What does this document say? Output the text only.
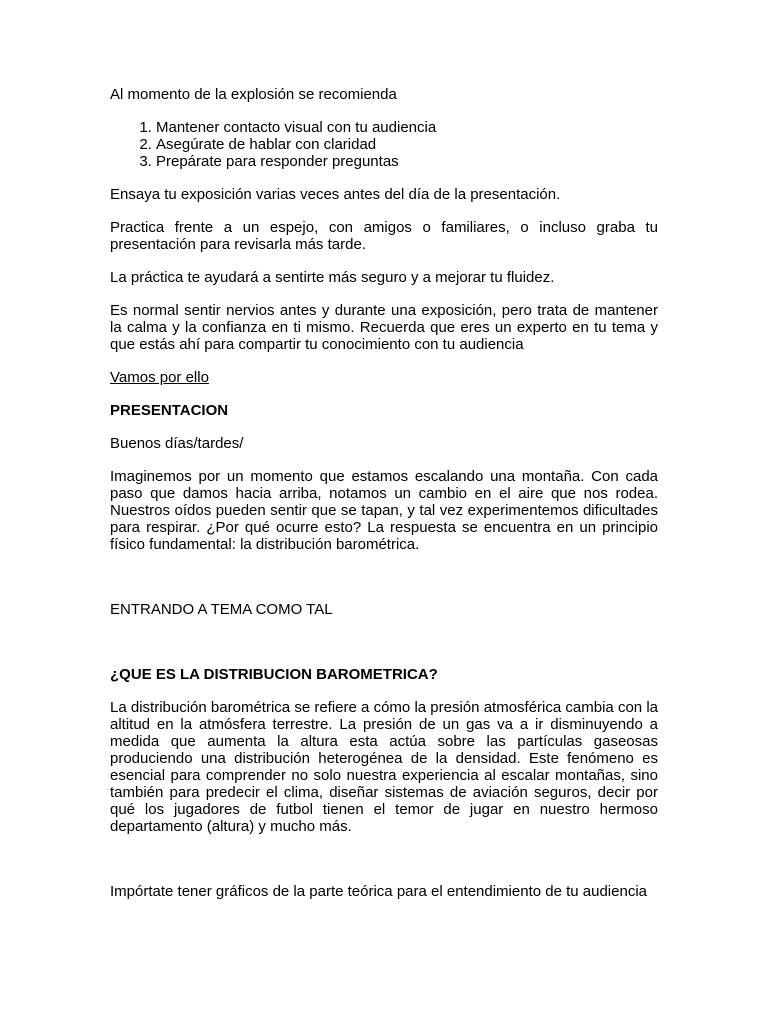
Al momento de la explosión se recomienda

1. Mantener contacto visual con tu audiencia
2. Asegúrate de hablar con claridad
3. Prepárate para responder preguntas

Ensaya tu exposición varias veces antes del día de la presentación.

Practica frente a un espejo, con amigos o familiares, o incluso graba tu presentación para revisarla más tarde.

La práctica te ayudará a sentirte más seguro y a mejorar tu fluidez.

Es normal sentir nervios antes y durante una exposición, pero trata de mantener la calma y la confianza en ti mismo. Recuerda que eres un experto en tu tema y que estás ahí para compartir tu conocimiento con tu audiencia

Vamos por ello

PRESENTACION

Buenos días/tardes/

Imaginemos por un momento que estamos escalando una montaña. Con cada paso que damos hacia arriba, notamos un cambio en el aire que nos rodea. Nuestros oídos pueden sentir que se tapan, y tal vez experimentemos dificultades para respirar. ¿Por qué ocurre esto? La respuesta se encuentra en un principio físico fundamental: la distribución barométrica.

ENTRANDO A TEMA COMO TAL

¿QUE ES LA DISTRIBUCION BAROMETRICA?

La distribución barométrica se refiere a cómo la presión atmosférica cambia con la altitud en la atmósfera terrestre. La presión de un gas va a ir disminuyendo a medida que aumenta la altura esta actúa sobre las partículas gaseosas produciendo una distribución heterogénea de la densidad. Este fenómeno es esencial para comprender no solo nuestra experiencia al escalar montañas, sino también para predecir el clima, diseñar sistemas de aviación seguros, decir por qué los jugadores de futbol tienen el temor de jugar en nuestro hermoso departamento (altura) y mucho más.

Impórtate tener gráficos de la parte teórica para el entendimiento de tu audiencia
